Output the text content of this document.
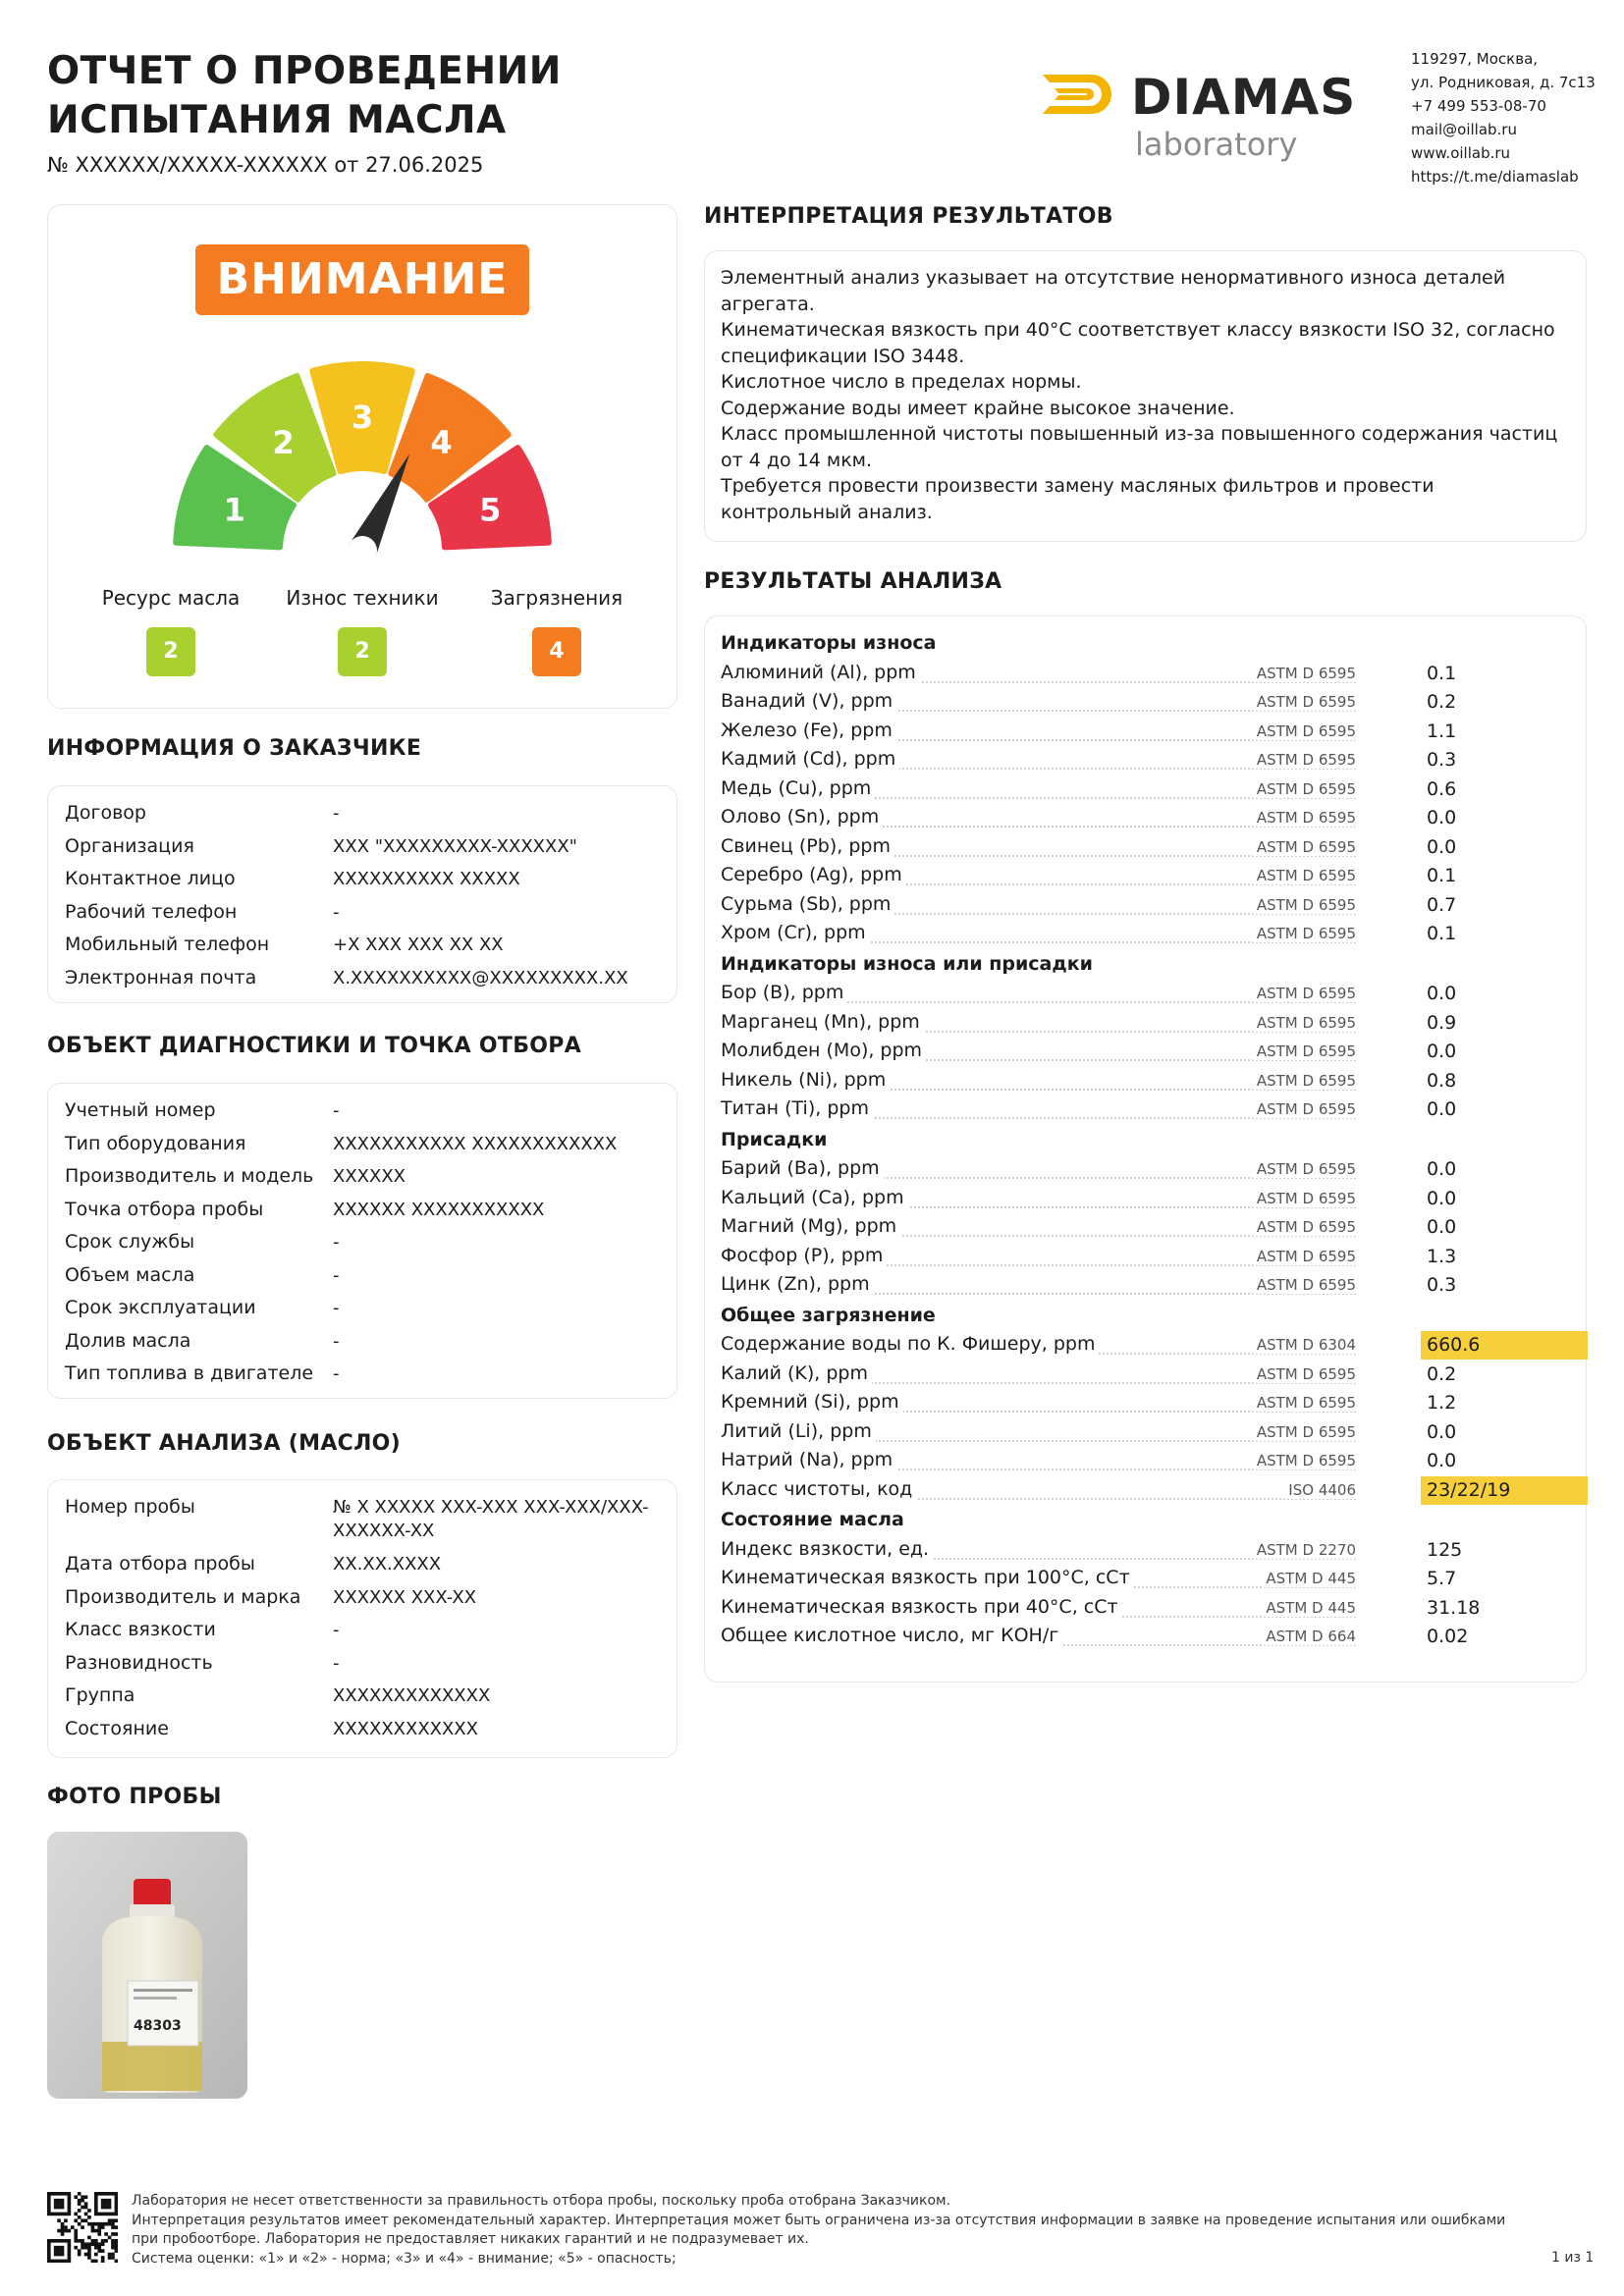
ОТЧЕТ О ПРОВЕДЕНИИ
ИСПЫТАНИЯ МАСЛА
№ XXXXXX/XXXXX-XXXXXX от 27.06.2025
DIAMAS
laboratory
119297, Москва,
ул. Родниковая, д. 7с13
+7 499 553-08-70
mail@oillab.ru
www.oillab.ru
https://t.me/diamaslab
ВНИМАНИЕ
1
2
3
4
5
Ресурс масла	Износ техники	Загрязнения
2	2	4
ИНФОРМАЦИЯ О ЗАКАЗЧИКЕ
Договор	-
Организация	XXX "XXXXXXXXX-XXXXXX"
Контактное лицо	XXXXXXXXXX XXXXX
Рабочий телефон	-
Мобильный телефон	+X XXX XXX XX XX
Электронная почта	X.XXXXXXXXXX@XXXXXXXXX.XX
ОБЪЕКТ ДИАГНОСТИКИ И ТОЧКА ОТБОРА
Учетный номер	-
Тип оборудования	XXXXXXXXXXX XXXXXXXXXXXX
Производитель и модель XXXXXX
Точка отбора пробы	XXXXXX XXXXXXXXXXX
Срок службы	-
Объем масла	-
Срок эксплуатации	-
Долив масла	-
Тип топлива в двигателе -
ОБЪЕКТ АНАЛИЗА (МАСЛО)
Номер пробы	№ X XXXXX XXX-XXX XXX-XXX/XXX-XXXXXX-XX
Дата отбора пробы	XX.XX.XXXX
Производитель и марка XXXXXX XXX-XX
Класс вязкости	-
Разновидность	-
Группа	XXXXXXXXXXXXX
Состояние	XXXXXXXXXXXX
ФОТО ПРОБЫ
48303
ИНТЕРПРЕТАЦИЯ РЕЗУЛЬТАТОВ
Элементный анализ указывает на отсутствие ненормативного износа деталей агрегата.
Кинематическая вязкость при 40°С соответствует классу вязкости ISO 32, согласно спецификации ISO 3448.
Кислотное число в пределах нормы.
Содержание воды имеет крайне высокое значение.
Класс промышленной чистоты повышенный из-за повышенного содержания частиц от 4 до 14 мкм.
Требуется провести произвести замену масляных фильтров и провести контрольный анализ.
РЕЗУЛЬТАТЫ АНАЛИЗА
Индикаторы износа
Алюминий (Al), ppm	ASTM D 6595	0.1
Ванадий (V), ppm	ASTM D 6595	0.2
Железо (Fe), ppm	ASTM D 6595	1.1
Кадмий (Cd), ppm	ASTM D 6595	0.3
Медь (Cu), ppm	ASTM D 6595	0.6
Олово (Sn), ppm	ASTM D 6595	0.0
Свинец (Pb), ppm	ASTM D 6595	0.0
Серебро (Ag), ppm	ASTM D 6595	0.1
Сурьма (Sb), ppm	ASTM D 6595	0.7
Хром (Cr), ppm	ASTM D 6595	0.1
Индикаторы износа или присадки
Бор (B), ppm	ASTM D 6595	0.0
Марганец (Mn), ppm	ASTM D 6595	0.9
Молибден (Mo), ppm	ASTM D 6595	0.0
Никель (Ni), ppm	ASTM D 6595	0.8
Титан (Ti), ppm	ASTM D 6595	0.0
Присадки
Барий (Ba), ppm	ASTM D 6595	0.0
Кальций (Ca), ppm	ASTM D 6595	0.0
Магний (Mg), ppm	ASTM D 6595	0.0
Фосфор (P), ppm	ASTM D 6595	1.3
Цинк (Zn), ppm	ASTM D 6595	0.3
Общее загрязнение
Содержание воды по К. Фишеру, ppm	ASTM D 6304	660.6
Калий (K), ppm	ASTM D 6595	0.2
Кремний (Si), ppm	ASTM D 6595	1.2
Литий (Li), ppm	ASTM D 6595	0.0
Натрий (Na), ppm	ASTM D 6595	0.0
Класс чистоты, код	ISO 4406	23/22/19
Состояние масла
Индекс вязкости, ед.	ASTM D 2270	125
Кинематическая вязкость при 100°С, сСт	ASTM D 445	5.7
Кинематическая вязкость при 40°С, сСт	ASTM D 445	31.18
Общее кислотное число, мг КОН/г	ASTM D 664	0.02
Лаборатория не несет ответственности за правильность отбора пробы, поскольку проба отобрана Заказчиком.
Интерпретация результатов имеет рекомендательный характер. Интерпретация может быть ограничена из-за отсутствия информации в заявке на проведение испытания или ошибками при пробоотборе. Лаборатория не предоставляет никаких гарантий и не подразумевает их.
Система оценки: «1» и «2» - норма; «3» и «4» - внимание; «5» - опасность;	1 из 1
